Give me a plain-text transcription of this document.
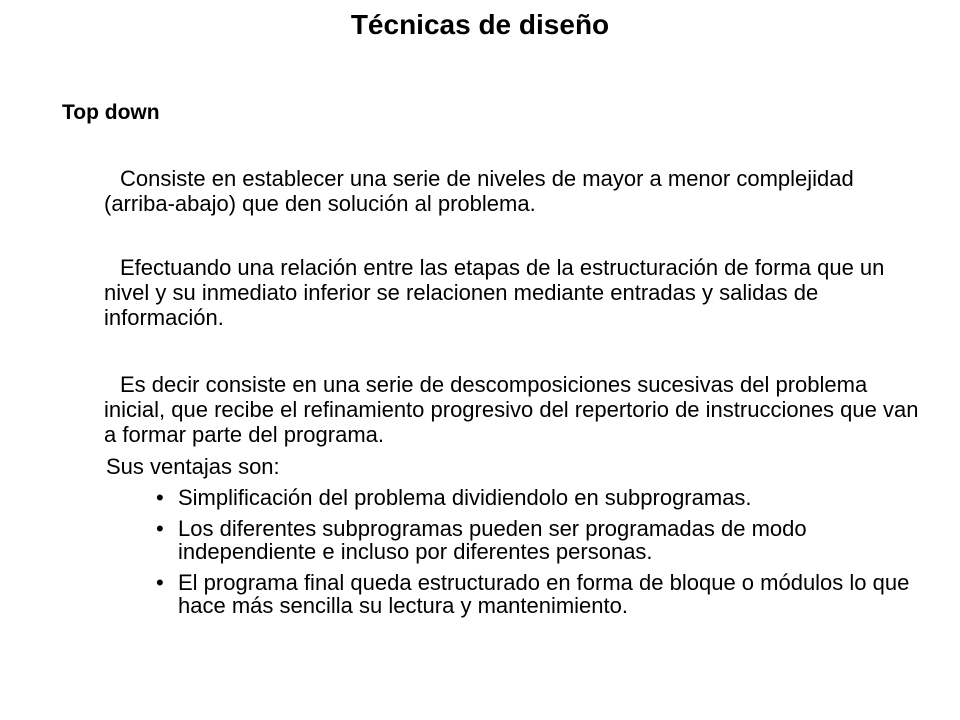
Técnicas de diseño
Top down

Consiste en establecer una serie de niveles de mayor a menor complejidad (arriba-abajo) que den solución al problema.

Efectuando una relación entre las etapas de la estructuración de forma que un nivel y su inmediato inferior se relacionen mediante entradas y salidas de información.

Es decir consiste en una serie de descomposiciones sucesivas del problema inicial, que recibe el refinamiento progresivo del repertorio de instrucciones que van a formar parte del programa.

Sus ventajas son:
• Simplificación del problema dividiendolo en subprogramas.
• Los diferentes subprogramas pueden ser programadas de modo independiente e incluso por diferentes personas.
• El programa final queda estructurado en forma de bloque o módulos lo que hace más sencilla su lectura y mantenimiento.
